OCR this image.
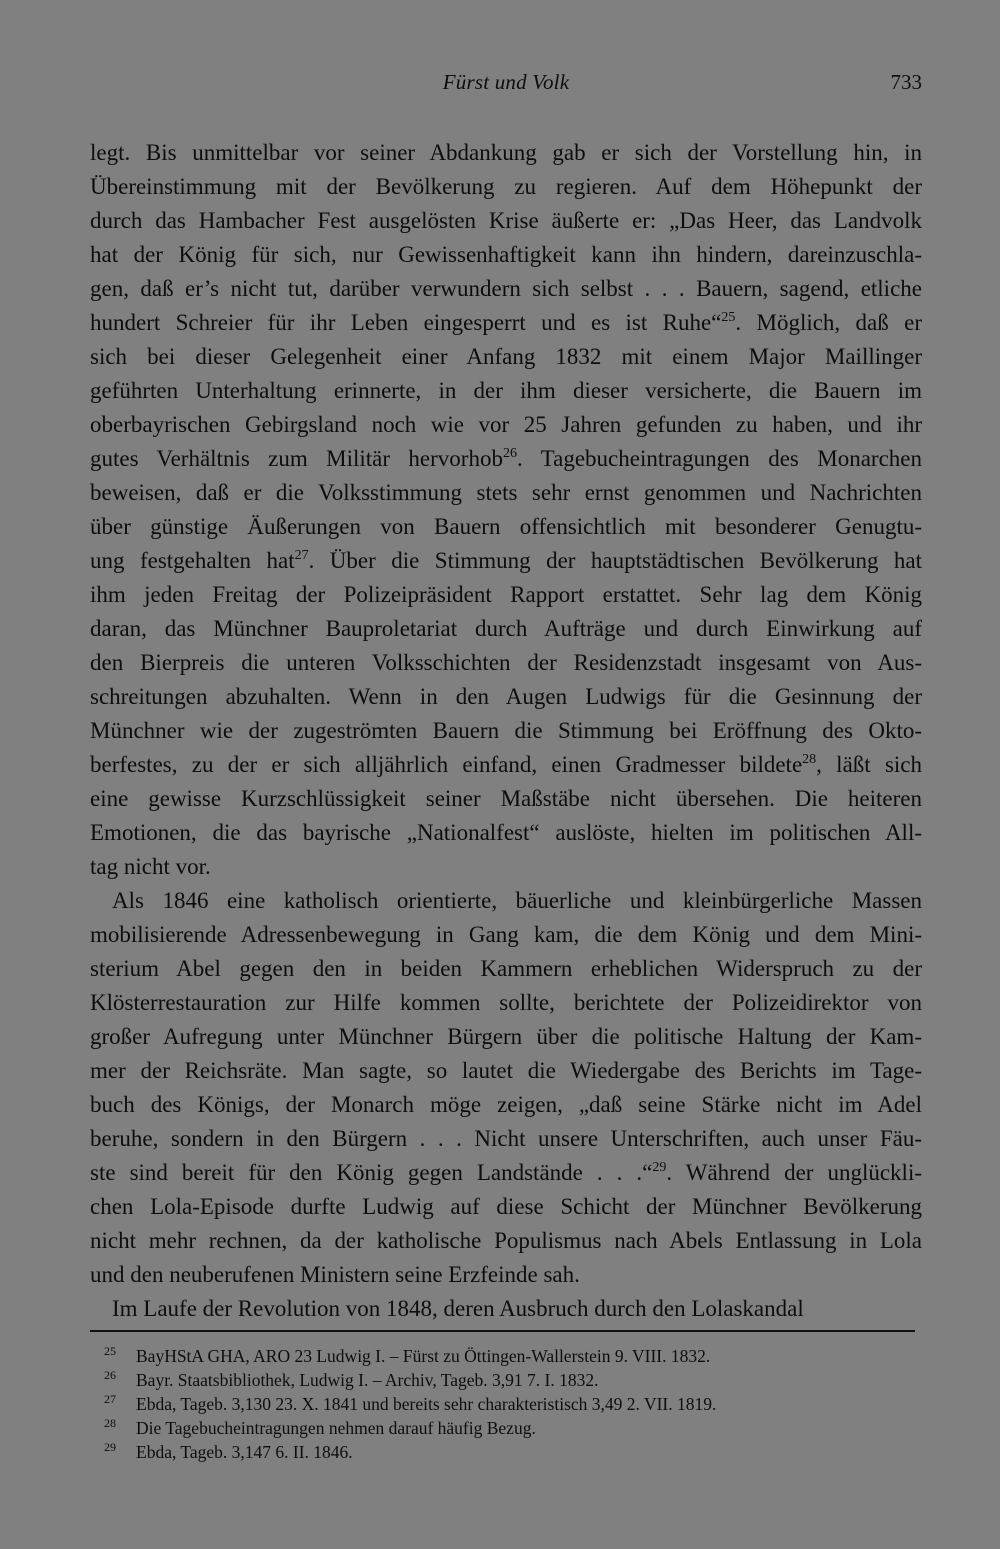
Fürst und Volk	733
legt. Bis unmittelbar vor seiner Abdankung gab er sich der Vorstellung hin, in
Übereinstimmung mit der Bevölkerung zu regieren. Auf dem Höhepunkt der
durch das Hambacher Fest ausgelösten Krise äußerte er: „Das Heer, das Landvolk
hat der König für sich, nur Gewissenhaftigkeit kann ihn hindern, dareinzuschla-
gen, daß er’s nicht tut, darüber verwundern sich selbst . . . Bauern, sagend, etliche
hundert Schreier für ihr Leben eingesperrt und es ist Ruhe“$^{25}$. Möglich, daß er
sich bei dieser Gelegenheit einer Anfang 1832 mit einem Major Maillinger
geführten Unterhaltung erinnerte, in der ihm dieser versicherte, die Bauern im
oberbayrischen Gebirgsland noch wie vor 25 Jahren gefunden zu haben, und ihr
gutes Verhältnis zum Militär hervorhob$^{26}$. Tagebucheintragungen des Monarchen
beweisen, daß er die Volksstimmung stets sehr ernst genommen und Nachrichten
über günstige Äußerungen von Bauern offensichtlich mit besonderer Genugtu-
ung festgehalten hat$^{27}$. Über die Stimmung der hauptstädtischen Bevölkerung hat
ihm jeden Freitag der Polizeipräsident Rapport erstattet. Sehr lag dem König
daran, das Münchner Bauproletariat durch Aufträge und durch Einwirkung auf
den Bierpreis die unteren Volksschichten der Residenzstadt insgesamt von Aus-
schreitungen abzuhalten. Wenn in den Augen Ludwigs für die Gesinnung der
Münchner wie der zugeströmten Bauern die Stimmung bei Eröffnung des Okto-
berfestes, zu der er sich alljährlich einfand, einen Gradmesser bildete$^{28}$, läßt sich
eine gewisse Kurzschlüssigkeit seiner Maßstäbe nicht übersehen. Die heiteren
Emotionen, die das bayrische „Nationalfest“ auslöste, hielten im politischen All-
tag nicht vor.
Als 1846 eine katholisch orientierte, bäuerliche und kleinbürgerliche Massen
mobilisierende Adressenbewegung in Gang kam, die dem König und dem Mini-
sterium Abel gegen den in beiden Kammern erheblichen Widerspruch zu der
Klösterrestauration zur Hilfe kommen sollte, berichtete der Polizeidirektor von
großer Aufregung unter Münchner Bürgern über die politische Haltung der Kam-
mer der Reichsräte. Man sagte, so lautet die Wiedergabe des Berichts im Tage-
buch des Königs, der Monarch möge zeigen, „daß seine Stärke nicht im Adel
beruhe, sondern in den Bürgern . . . Nicht unsere Unterschriften, auch unser Fäu-
ste sind bereit für den König gegen Landstände . . .“$^{29}$. Während der unglückli-
chen Lola-Episode durfte Ludwig auf diese Schicht der Münchner Bevölkerung
nicht mehr rechnen, da der katholische Populismus nach Abels Entlassung in Lola
und den neuberufenen Ministern seine Erzfeinde sah.
Im Laufe der Revolution von 1848, deren Ausbruch durch den Lolaskandal
25 BayHStA GHA, ARO 23 Ludwig I. – Fürst zu Öttingen-Wallerstein 9. VIII. 1832.
26 Bayr. Staatsbibliothek, Ludwig I. – Archiv, Tageb. 3,91 7. I. 1832.
27 Ebda, Tageb. 3,130 23. X. 1841 und bereits sehr charakteristisch 3,49 2. VII. 1819.
28 Die Tagebucheintragungen nehmen darauf häufig Bezug.
29 Ebda, Tageb. 3,147 6. II. 1846.
